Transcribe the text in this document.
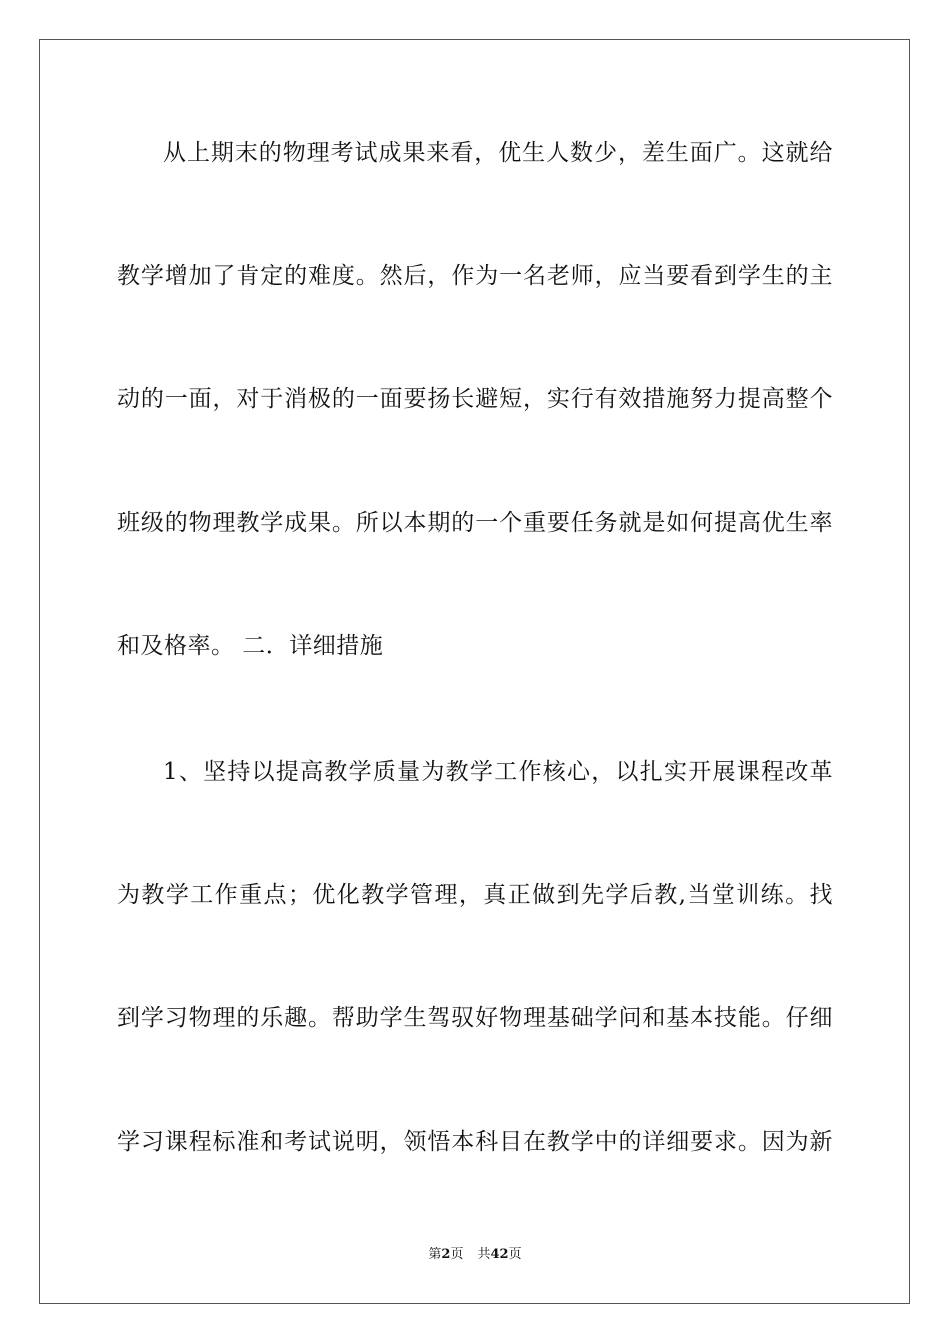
从上期末的物理考试成果来看，优生人数少，差生面广。这就给
教学增加了肯定的难度。然后，作为一名老师，应当要看到学生的主
动的一面，对于消极的一面要扬长避短，实行有效措施努力提高整个
班级的物理教学成果。所以本期的一个重要任务就是如何提高优生率
和及格率。 二．详细措施
1、坚持以提高教学质量为教学工作核心，以扎实开展课程改革
为教学工作重点；优化教学管理，真正做到先学后教,当堂训练。找
到学习物理的乐趣。帮助学生驾驭好物理基础学问和基本技能。仔细
学习课程标准和考试说明，领悟本科目在教学中的详细要求。因为新
第2页 共42页
